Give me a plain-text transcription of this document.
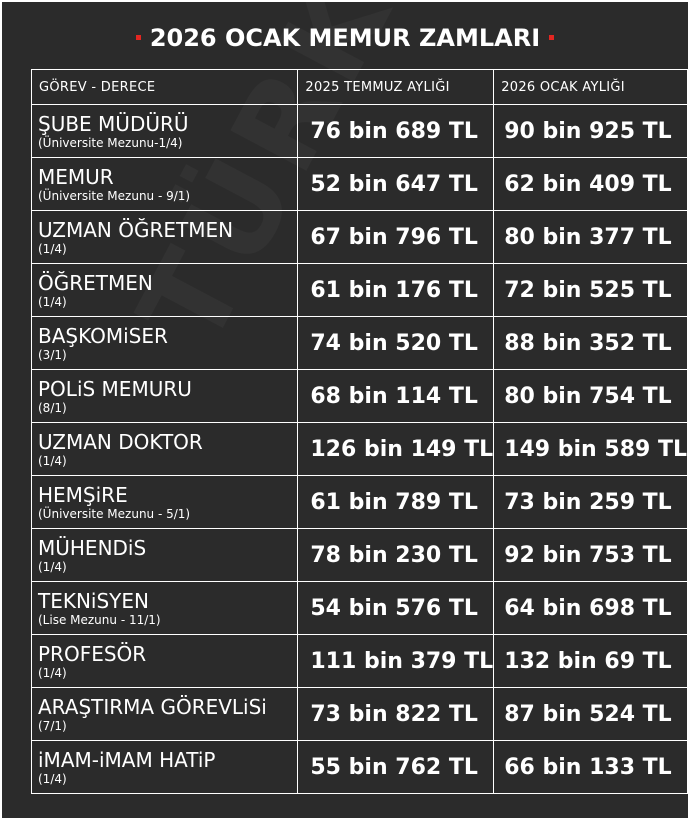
2026 OCAK MEMUR ZAMLARI
GÖREV - DERECE	2025 TEMMUZ AYLIĞI	2026 OCAK AYLIĞI

ŞUBE MÜDÜRÜ
(Üniversite Mezunu-1/4)	76 bin 689 TL	90 bin 925 TL

MEMUR
(Üniversite Mezunu - 9/1)	52 bin 647 TL	62 bin 409 TL

UZMAN ÖĞRETMEN
(1/4)	67 bin 796 TL	80 bin 377 TL

ÖĞRETMEN
(1/4)	61 bin 176 TL	72 bin 525 TL

BAŞKOMiSER
(3/1)	74 bin 520 TL	88 bin 352 TL

POLiS MEMURU
(8/1)	68 bin 114 TL	80 bin 754 TL

UZMAN DOKTOR
(1/4)	126 bin 149 TL	149 bin 589 TL

HEMŞiRE
(Üniversite Mezunu - 5/1)	61 bin 789 TL	73 bin 259 TL

MÜHENDiS
(1/4)	78 bin 230 TL	92 bin 753 TL

TEKNiSYEN
(Lise Mezunu - 11/1)	54 bin 576 TL	64 bin 698 TL

PROFESÖR
(1/4)	111 bin 379 TL	132 bin 69 TL

ARAŞTIRMA GÖREVLiSi
(7/1)	73 bin 822 TL	87 bin 524 TL

iMAM-iMAM HATiP
(1/4)	55 bin 762 TL	66 bin 133 TL
